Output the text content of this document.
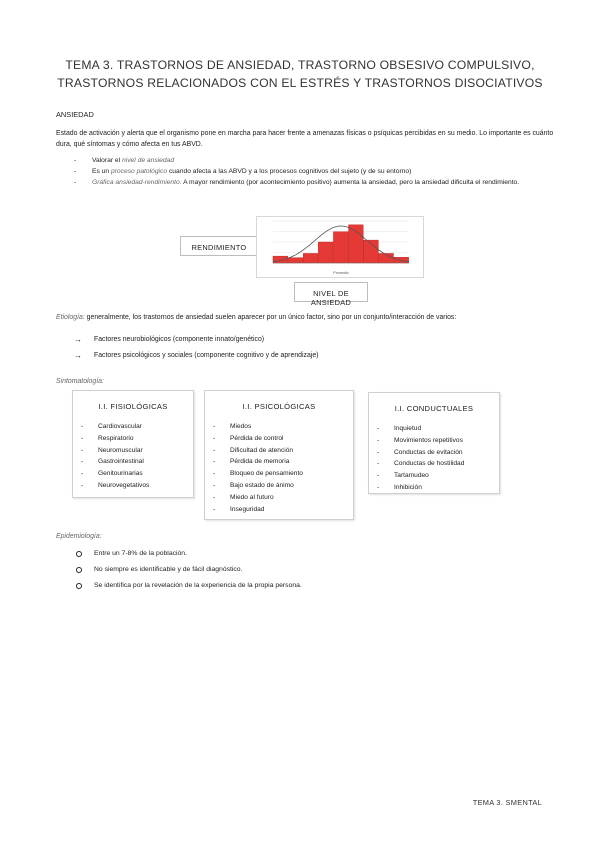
TEMA 3. TRASTORNOS DE ANSIEDAD, TRASTORNO OBSESIVO COMPULSIVO, TRASTORNOS RELACIONADOS CON EL ESTRÉS Y TRASTORNOS DISOCIATIVOS
ANSIEDAD
Estado de activación y alerta que el organismo pone en marcha para hacer frente a amenazas físicas o psíquicas percibidas en su medio. Lo importante es cuánto dura, qué síntomas y cómo afecta en tus ABVD.
- Valorar el nivel de ansiedad
- Es un proceso patológico cuando afecta a las ABVD y a los procesos cognitivos del sujeto (y de su entorno)
- Gráfica ansiedad-rendimiento. A mayor rendimiento (por acontecimiento positivo) aumenta la ansiedad, pero la ansiedad dificulta el rendimiento.
RENDIMIENTO
Promedio
NIVEL DE ANSIEDAD
Etiología: generalmente, los trastornos de ansiedad suelen aparecer por un único factor, sino por un conjunto/interacción de varios:
→ Factores neurobiológicos (componente innato/genético)
→ Factores psicológicos y sociales (componente cognitivo y de aprendizaje)
Sintomatología:
I.I. FISIOLÓGICAS
- Cardiovascular
- Respiratorio
- Neuromuscular
- Gastrointestinal
- Genitourinarias
- Neurovegetativos
I.I. PSICOLÓGICAS
- Miedos
- Pérdida de control
- Dificultad de atención
- Pérdida de memoria
- Bloqueo de pensamiento
- Bajo estado de ánimo
- Miedo al futuro
- Inseguridad
I.I. CONDUCTUALES
- Inquietud
- Movimientos repetitivos
- Conductas de evitación
- Conductas de hostilidad
- Tartamudeo
- Inhibición
Epidemiología:
Entre un 7-8% de la población.
No siempre es identificable y de fácil diagnóstico.
Se identifica por la revelación de la experiencia de la propia persona.
TEMA 3. SMENTAL
